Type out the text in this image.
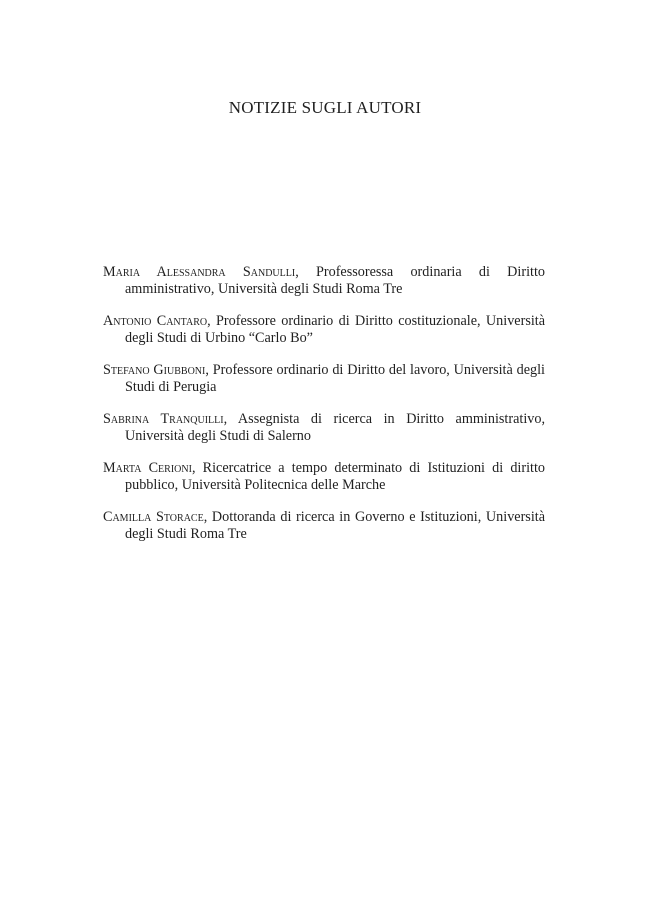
NOTIZIE SUGLI AUTORI
Maria Alessandra Sandulli, Professoressa ordinaria di Diritto amministrativo, Università degli Studi Roma Tre
Antonio Cantaro, Professore ordinario di Diritto costituzionale, Università degli Studi di Urbino “Carlo Bo”
Stefano Giubboni, Professore ordinario di Diritto del lavoro, Università degli Studi di Perugia
Sabrina Tranquilli, Assegnista di ricerca in Diritto amministrativo, Università degli Studi di Salerno
Marta Cerioni, Ricercatrice a tempo determinato di Istituzioni di diritto pubblico, Università Politecnica delle Marche
Camilla Storace, Dottoranda di ricerca in Governo e Istituzioni, Università degli Studi Roma Tre
